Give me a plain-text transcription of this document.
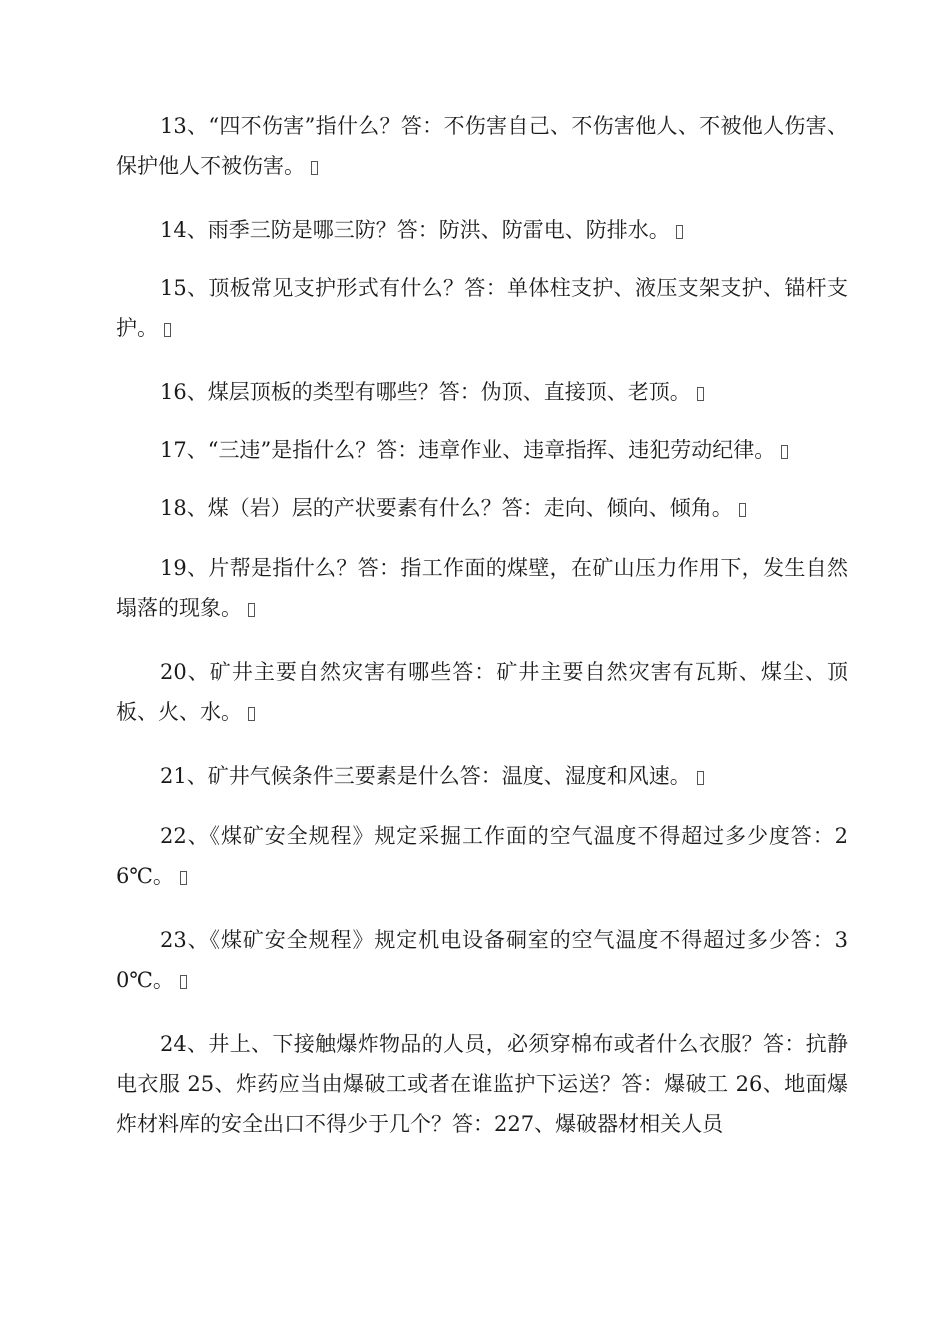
13、“四不伤害”指什么？答：不伤害自己、不伤害他人、不被他人伤害、保护他人不被伤害。

14、雨季三防是哪三防？答：防洪、防雷电、防排水。

15、顶板常见支护形式有什么？答：单体柱支护、液压支架支护、锚杆支护。

16、煤层顶板的类型有哪些？答：伪顶、直接顶、老顶。

17、“三违”是指什么？答：违章作业、违章指挥、违犯劳动纪律。

18、煤（岩）层的产状要素有什么？答：走向、倾向、倾角。

19、片帮是指什么？答：指工作面的煤壁，在矿山压力作用下，发生自然塌落的现象。

20、矿井主要自然灾害有哪些答：矿井主要自然灾害有瓦斯、煤尘、顶板、火、水。

21、矿井气候条件三要素是什么答：温度、湿度和风速。

22、《煤矿安全规程》规定采掘工作面的空气温度不得超过多少度答：26℃。

23、《煤矿安全规程》规定机电设备硐室的空气温度不得超过多少答：30℃。

24、井上、下接触爆炸物品的人员，必须穿棉布或者什么衣服？答：抗静电衣服 25、炸药应当由爆破工或者在谁监护下运送？答：爆破工 26、地面爆炸材料库的安全出口不得少于几个？答：227、爆破器材相关人员
